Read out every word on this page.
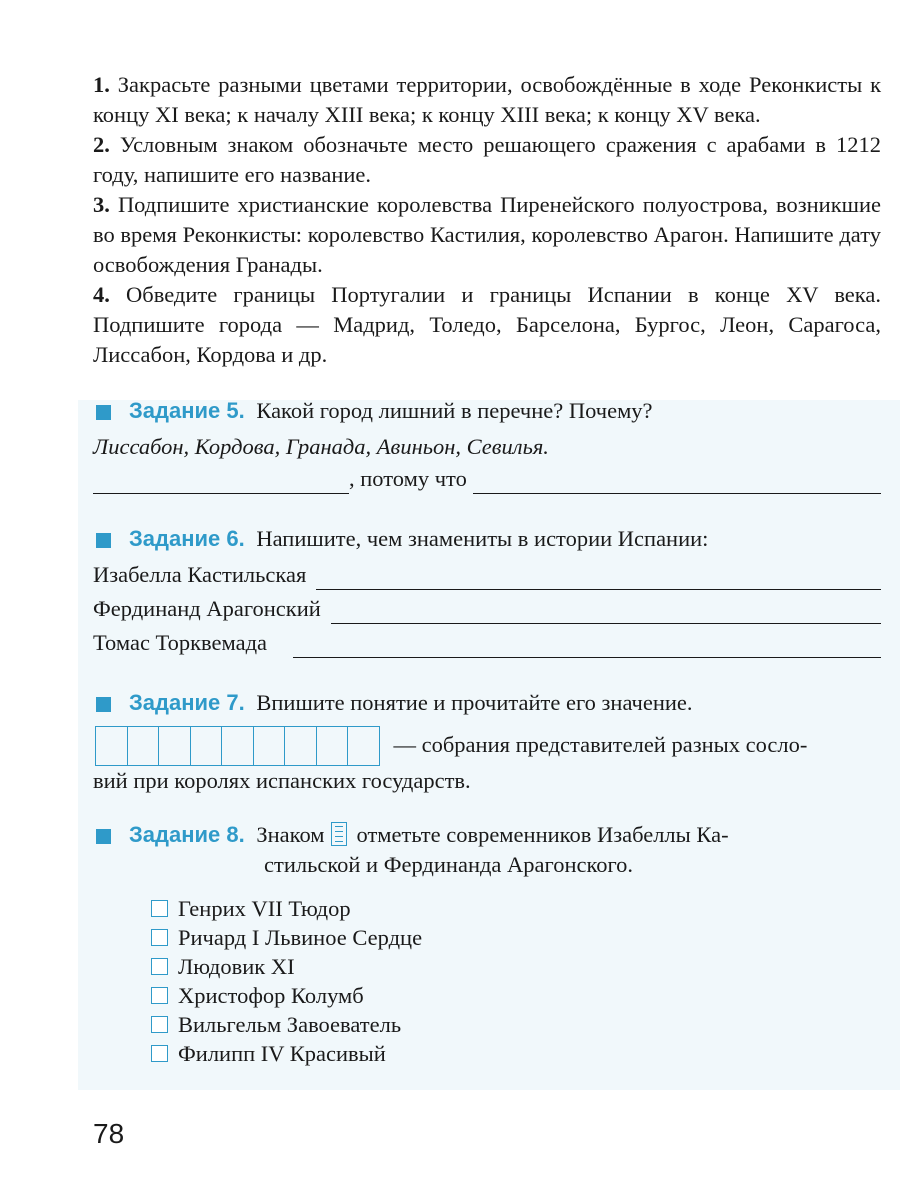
1. Закрасьте разными цветами территории, освобождённые в ходе Реконкисты к концу XI века; к началу XIII века; к концу XIII века; к концу XV века.

2. Условным знаком обозначьте место решающего сражения с арабами в 1212 году, напишите его название.

3. Подпишите христианские королевства Пиренейского полуострова, возникшие во время Реконкисты: королевство Кастилия, королевство Арагон. Напишите дату освобождения Гранады.

4. Обведите границы Португалии и границы Испании в конце XV века. Подпишите города — Мадрид, Толедо, Барселона, Бургос, Леон, Сарагоса, Лиссабон, Кордова и др.

Задание 5. Какой город лишний в перечне? Почему?
Лиссабон, Кордова, Гранада, Авиньон, Севилья.
, потому что
Задание 6. Напишите, чем знамениты в истории Испании:
Изабелла Кастильская
Фердинанд Арагонский
Томас Торквемада
Задание 7. Впишите понятие и прочитайте его значение.
— собрания представителей разных сосло-
вий при королях испанских государств.
Задание 8. Знаком отметьте современников Изабеллы Ка-
стильской и Фердинанда Арагонского.
Генрих VII Тюдор
Ричард I Львиное Сердце
Людовик XI
Христофор Колумб
Вильгельм Завоеватель
Филипп IV Красивый
78
